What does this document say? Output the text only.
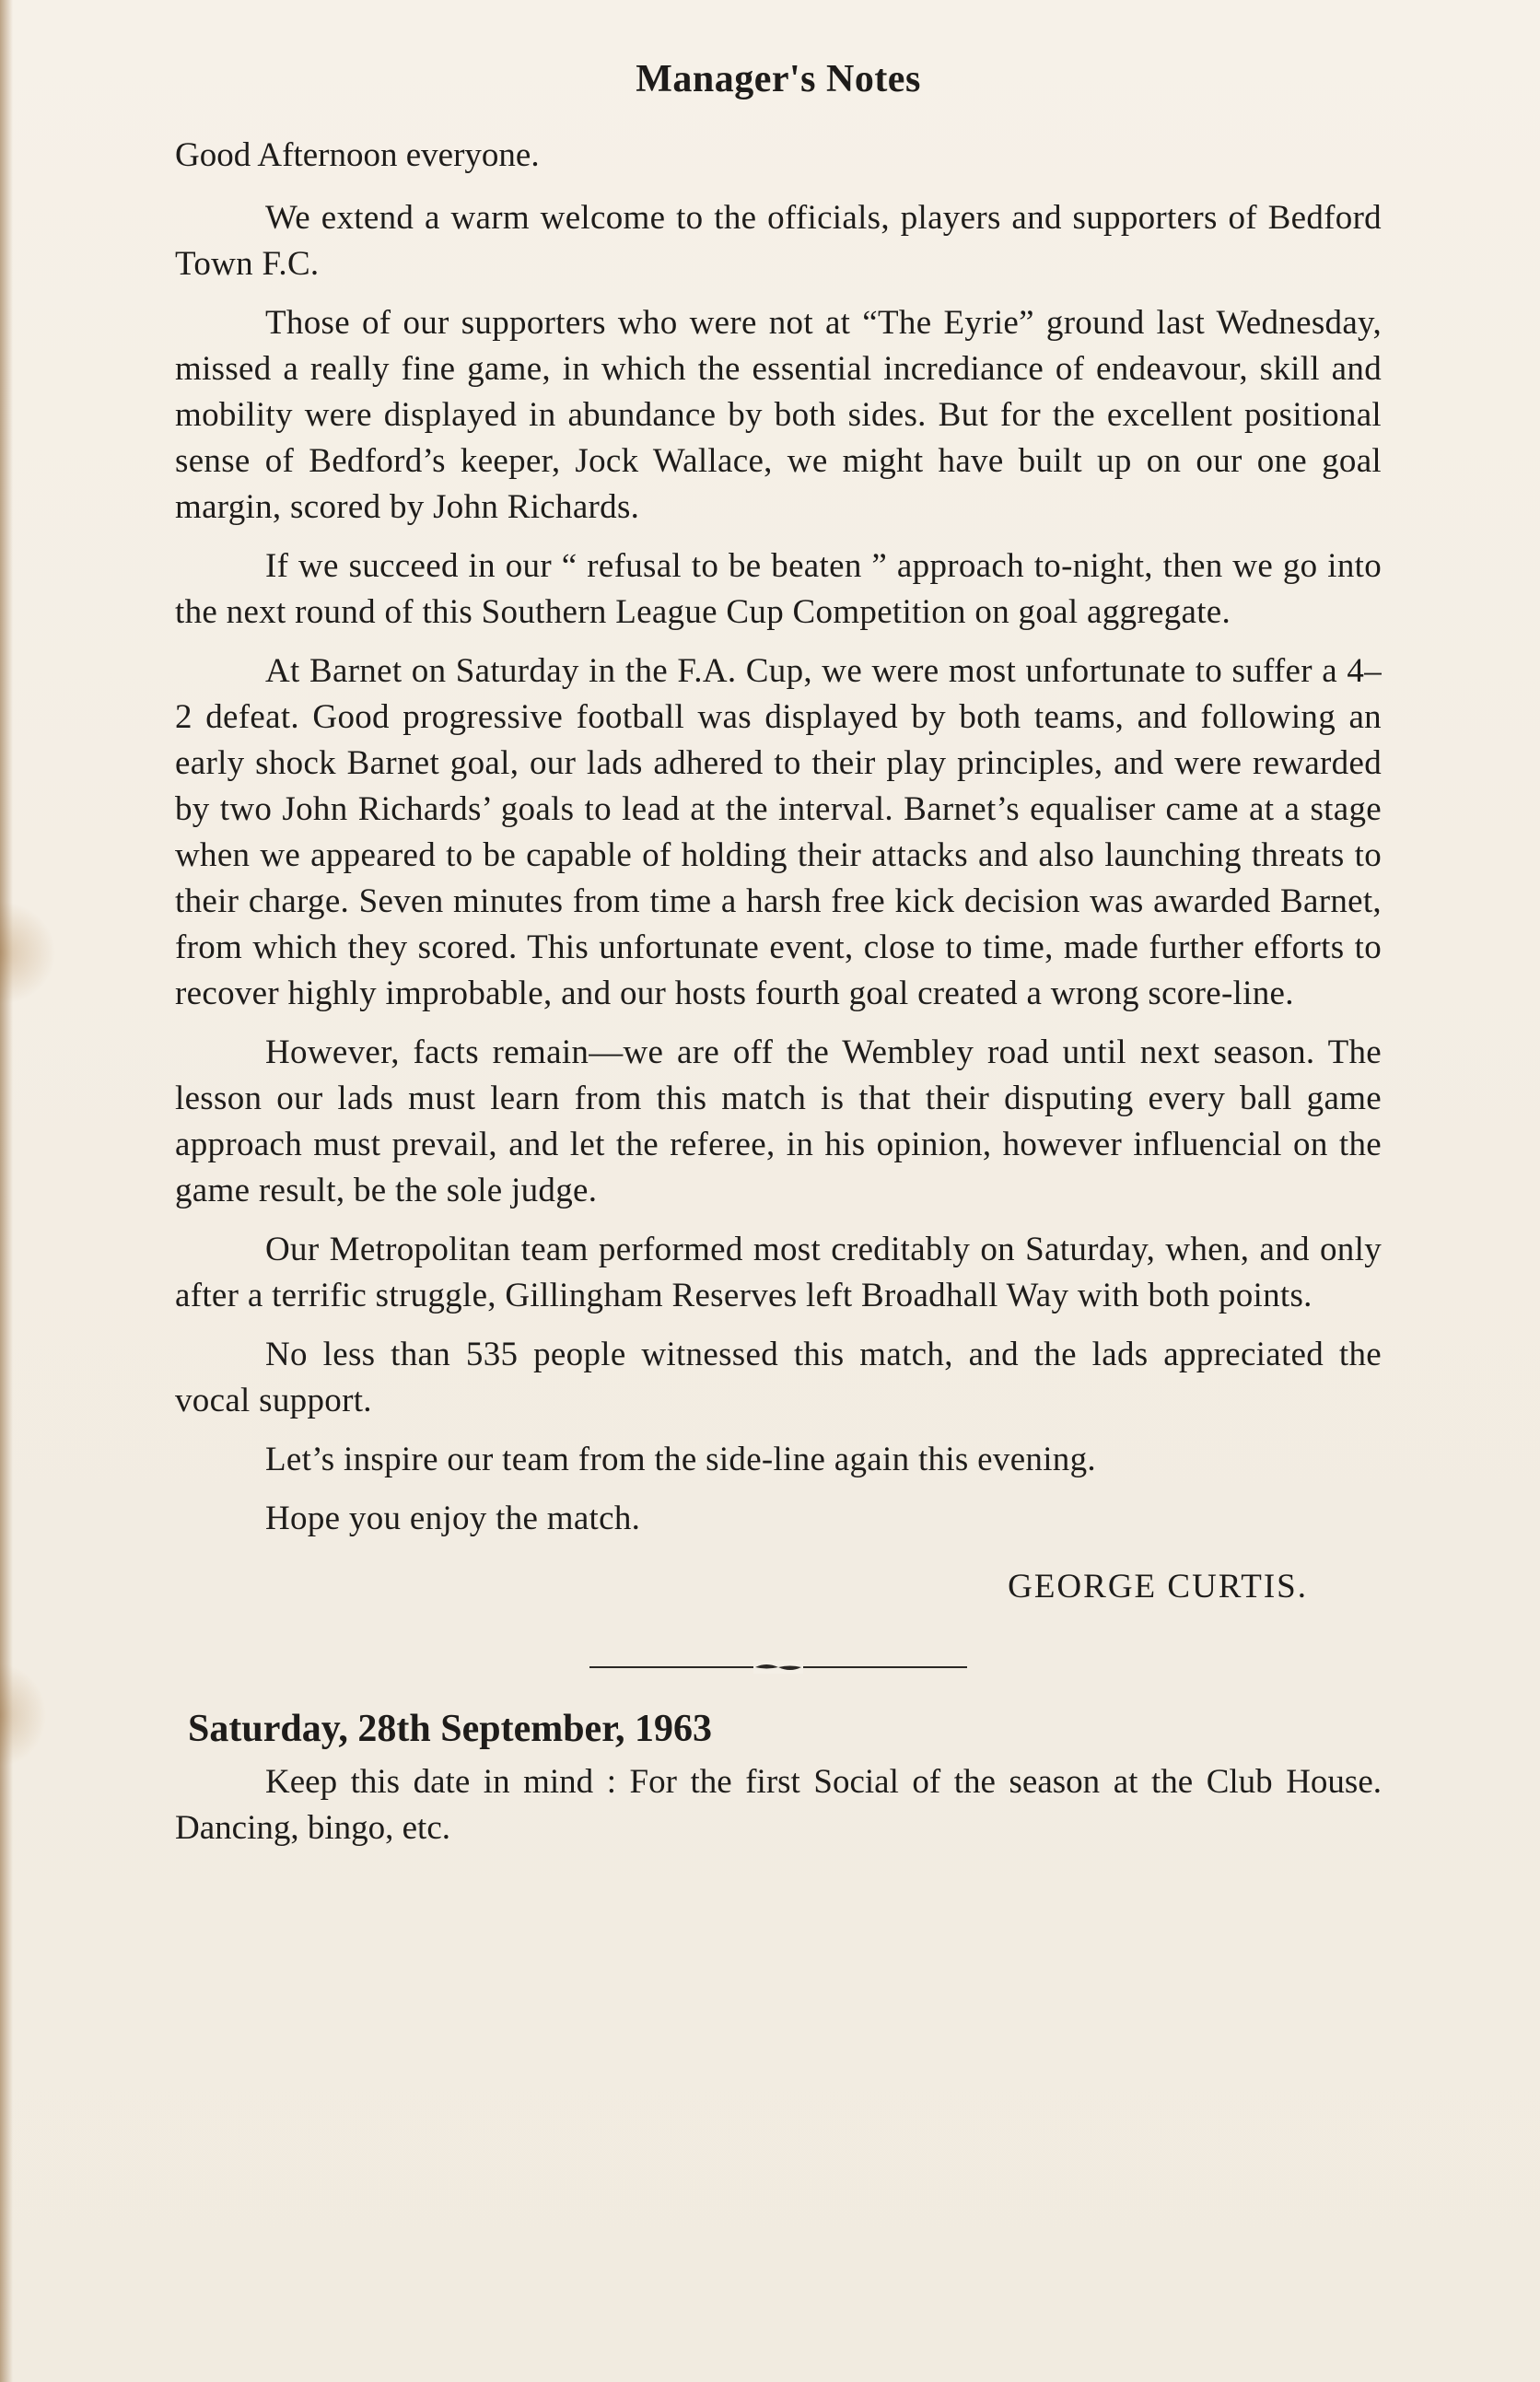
Manager's Notes

Good Afternoon everyone.

We extend a warm welcome to the officials, players and supporters of Bedford Town F.C.

Those of our supporters who were not at “The Eyrie” ground last Wednesday, missed a really fine game, in which the essential incrediance of endeavour, skill and mobility were displayed in abundance by both sides. But for the excellent positional sense of Bedford’s keeper, Jock Wallace, we might have built up on our one goal margin, scored by John Richards.

If we succeed in our “ refusal to be beaten ” approach to-night, then we go into the next round of this Southern League Cup Competition on goal aggregate.

At Barnet on Saturday in the F.A. Cup, we were most unfortunate to suffer a 4–2 defeat. Good progressive football was displayed by both teams, and following an early shock Barnet goal, our lads adhered to their play principles, and were rewarded by two John Richards’ goals to lead at the interval. Barnet’s equaliser came at a stage when we appeared to be capable of holding their attacks and also launching threats to their charge. Seven minutes from time a harsh free kick decision was awarded Barnet, from which they scored. This unfortunate event, close to time, made further efforts to recover highly improbable, and our hosts fourth goal created a wrong score-line.

However, facts remain—we are off the Wembley road until next season. The lesson our lads must learn from this match is that their disputing every ball game approach must prevail, and let the referee, in his opinion, however influencial on the game result, be the sole judge.

Our Metropolitan team performed most creditably on Saturday, when, and only after a terrific struggle, Gillingham Reserves left Broadhall Way with both points.

No less than 535 people witnessed this match, and the lads appreciated the vocal support.

Let’s inspire our team from the side-line again this evening.

Hope you enjoy the match.

GEORGE CURTIS.

Saturday, 28th September, 1963

Keep this date in mind : For the first Social of the season at the Club House. Dancing, bingo, etc.
